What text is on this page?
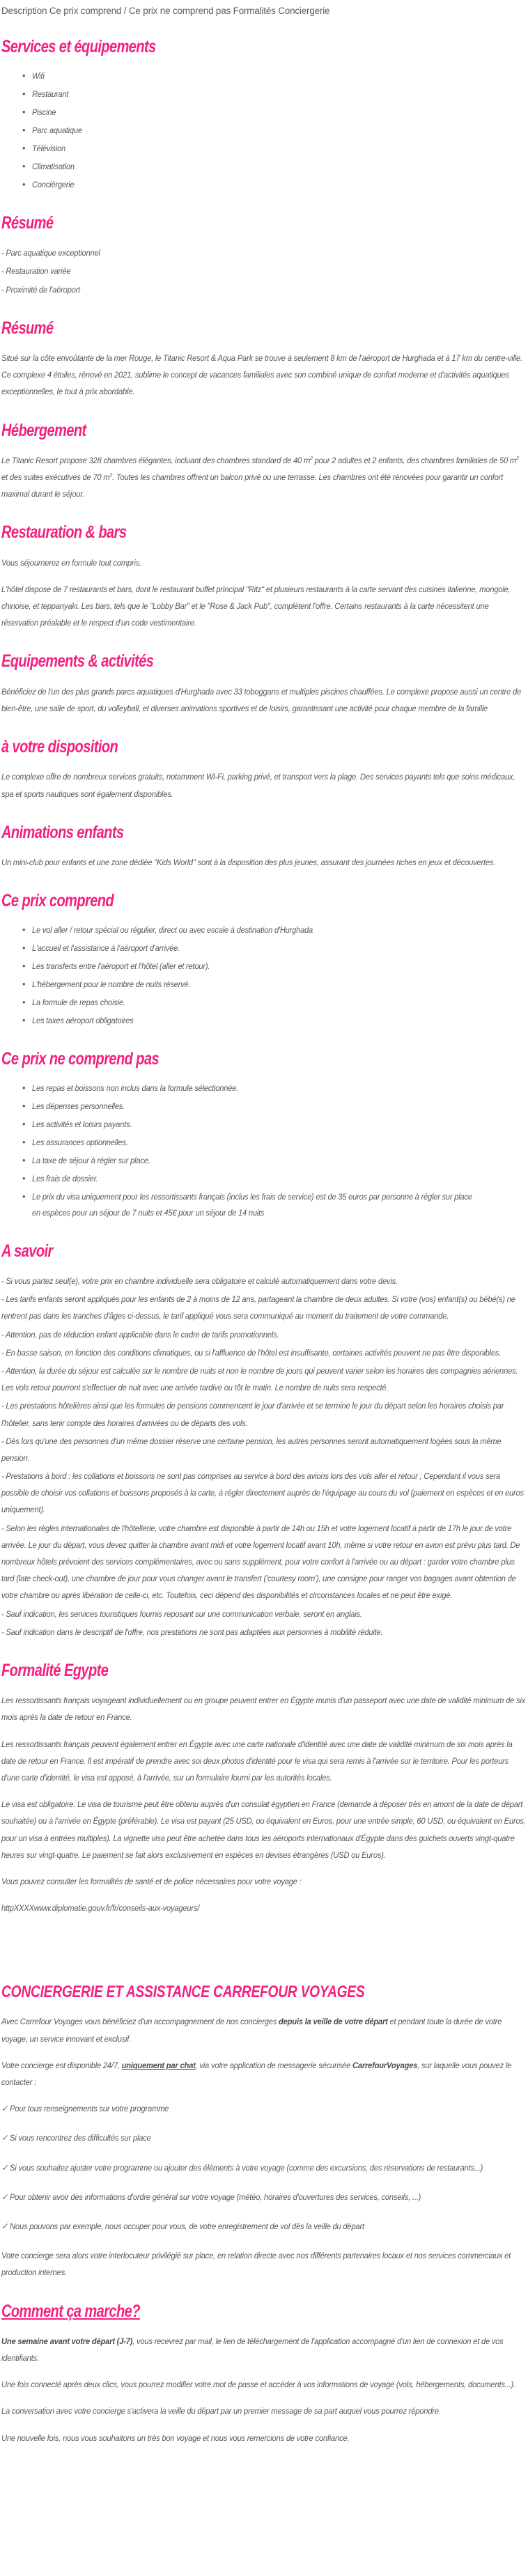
Description Ce prix comprend / Ce prix ne comprend pas Formalités Conciergerie
Services et équipements
• Wifi
• Restaurant
• Piscine
• Parc aquatique
• Télévision
• Climatisation
• Conciérgerie
Résumé
- Parc aquatique exceptionnel
- Restauration variée
- Proximité de l'aéroport
Résumé

Situé sur la côte envoûtante de la mer Rouge, le Titanic Resort & Aqua Park se trouve à seulement 8 km de l'aéroport de Hurghada et à 17 km du centre-ville. Ce complexe 4 étoiles, rénové en 2021, sublime le concept de vacances familiales avec son combiné unique de confort moderne et d'activités aquatiques exceptionnelles, le tout à prix abordable.

Hébergement

Le Titanic Resort propose 328 chambres élégantes, incluant des chambres standard de 40 $m^2$ pour 2 adultes et 2 enfants, des chambres familiales de 50 $m^2$ et des suites exécutives de 70 $m^2$. Toutes les chambres offrent un balcon privé ou une terrasse. Les chambres ont été rénovées pour garantir un confort maximal durant le séjour.

Restauration & bars

Vous séjournerez en formule tout compris.

L'hôtel dispose de 7 restaurants et bars, dont le restaurant buffet principal "Ritz" et plusieurs restaurants à la carte servant des cuisines italienne, mongole, chinoise, et teppanyaki. Les bars, tels que le "Lobby Bar" et le "Rose & Jack Pub", complètent l'offre. Certains restaurants à la carte nécessitent une réservation préalable et le respect d'un code vestimentaire.

Equipements & activités

Bénéficiez de l'un des plus grands parcs aquatiques d'Hurghada avec 33 toboggans et multiples piscines chauffées. Le complexe propose aussi un centre de bien-être, une salle de sport, du volleyball, et diverses animations sportives et de loisirs, garantissant une activité pour chaque membre de la famille

à votre disposition

Le complexe offre de nombreux services gratuits, notamment Wi-Fi, parking privé, et transport vers la plage. Des services payants tels que soins médicaux, spa et sports nautiques sont également disponibles.

Animations enfants

Un mini-club pour enfants et une zone dédiée "Kids World" sont à la disposition des plus jeunes, assurant des journées riches en jeux et découvertes.

Ce prix comprend
• Le vol aller / retour spécial ou régulier, direct ou avec escale à destination d'Hurghada
• L'accueil et l'assistance à l'aéroport d'arrivée.
• Les transferts entre l'aéroport et l'hôtel (aller et retour).
• L'hébergement pour le nombre de nuits réservé.
• La formule de repas choisie.
• Les taxes aéroport obligatoires
Ce prix ne comprend pas
• Les repas et boissons non inclus dans la formule sélectionnée.
• Les dépenses personnelles.
• Les activités et loisirs payants.
• Les assurances optionnelles.
• La taxe de séjour à régler sur place.
• Les frais de dossier.
• Le prix du visa uniquement pour les ressortissants français (inclus les frais de service) est de 35 euros par personne à régler sur place en espèces pour un séjour de 7 nuits et 45€ pour un séjour de 14 nuits
A savoir
- Si vous partez seul(e), votre prix en chambre individuelle sera obligatoire et calculé automatiquement dans votre devis.
- Les tarifs enfants seront appliqués pour les enfants de 2 à moins de 12 ans, partageant la chambre de deux adultes. Si votre (vos) enfant(s) ou bébé(s) ne rentrent pas dans les tranches d'âges ci-dessus, le tarif appliqué vous sera communiqué au moment du traitement de votre commande.
- Attention, pas de réduction enfant applicable dans le cadre de tarifs promotionnels.
- En basse saison, en fonction des conditions climatiques, ou si l'affluence de l'hôtel est insuffisante, certaines activités peuvent ne pas être disponibles.
- Attention, la durée du séjour est calculée sur le nombre de nuits et non le nombre de jours qui peuvent varier selon les horaires des compagnies aériennes. Les vols retour pourront s'effectuer de nuit avec une arrivée tardive ou tôt le matin. Le nombre de nuits sera respecté.
- Les prestations hôtelières ainsi que les formules de pensions commencent le jour d'arrivée et se termine le jour du départ selon les horaires choisis par l'hôtelier, sans tenir compte des horaires d'arrivées ou de départs des vols.
- Dès lors qu'une des personnes d'un même dossier réserve une certaine pension, les autres personnes seront automatiquement logées sous la même pension.
- Prestations à bord : les collations et boissons ne sont pas comprises au service à bord des avions lors des vols aller et retour ; Cependant il vous sera possible de choisir vos collations et boissons proposés à la carte, à régler directement auprès de l'équipage au cours du vol (paiement en espèces et en euros uniquement).
- Selon les règles internationales de l'hôtellerie, votre chambre est disponible à partir de 14h ou 15h et votre logement locatif à partir de 17h le jour de votre arrivée. Le jour du départ, vous devez quitter la chambre avant midi et votre logement locatif avant 10h, même si votre retour en avion est prévu plus tard. De nombreux hôtels prévoient des services complémentaires, avec ou sans supplément, pour votre confort à l'arrivée ou au départ : garder votre chambre plus tard (late check-out), une chambre de jour pour vous changer avant le transfert ('courtesy room'), une consigne pour ranger vos bagages avant obtention de votre chambre ou après libération de celle-ci, etc. Toutefois, ceci dépend des disponibilités et circonstances locales et ne peut être exigé.
- Sauf indication, les services touristiques fournis reposant sur une communication verbale, seront en anglais.
- Sauf indication dans le descriptif de l'offre, nos prestations ne sont pas adaptées aux personnes à mobilité réduite.
Formalité Egypte

Les ressortissants français voyageant individuellement ou en groupe peuvent entrer en Égypte munis d'un passeport avec une date de validité minimum de six mois après la date de retour en France.

Les ressortissants français peuvent également entrer en Égypte avec une carte nationale d'identité avec une date de validité minimum de six mois après la date de retour en France. Il est impératif de prendre avec soi deux photos d'identité pour le visa qui sera remis à l'arrivée sur le territoire. Pour les porteurs d'une carte d'identité, le visa est apposé, à l'arrivée, sur un formulaire fourni par les autorités locales.

Le visa est obligatoire. Le visa de tourisme peut être obtenu auprès d'un consulat égyptien en France (demande à déposer très en amont de la date de départ souhaitée) ou à l'arrivée en Égypte (préférable). Le visa est payant (25 USD, ou équivalent en Euros, pour une entrée simple, 60 USD, ou équivalent en Euros, pour un visa à entrées multiples). La vignette visa peut être achetée dans tous les aéroports internationaux d'Égypte dans des guichets ouverts vingt-quatre heures sur vingt-quatre. Le paiement se fait alors exclusivement en espèces en devises étrangères (USD ou Euros).

Vous pouvez consulter les formalités de santé et de police nécessaires pour votre voyage :

httpXXXXwww.diplomatie.gouv.fr/fr/conseils-aux-voyageurs/

CONCIERGERIE ET ASSISTANCE CARREFOUR VOYAGES

Avec Carrefour Voyages vous bénéficiez d'un accompagnement de nos concierges depuis la veille de votre départ et pendant toute la durée de votre voyage, un service innovant et exclusif.

Votre concierge est disponible 24/7, uniquement par chat, via votre application de messagerie sécurisée CarrefourVoyages, sur laquelle vous pouvez le contacter :

✓ Pour tous renseignements sur votre programme
✓ Si vous rencontrez des difficultés sur place
✓ Si vous souhaitez ajuster votre programme ou ajouter des éléments à votre voyage (comme des excursions, des réservations de restaurants...)
✓ Pour obtenir avoir des informations d'ordre général sur votre voyage (météo, horaires d'ouvertures des services, conseils, ...)
✓ Nous pouvons par exemple, nous occuper pour vous, de votre enregistrement de vol dès la veille du départ

Votre concierge sera alors votre interlocuteur privilégié sur place, en relation directe avec nos différents partenaires locaux et nos services commerciaux et production internes.

Comment ça marche?

Une semaine avant votre départ (J-7), vous recevrez par mail, le lien de téléchargement de l'application accompagné d'un lien de connexion et de vos identifiants.

Une fois connecté après deux clics, vous pourrez modifier votre mot de passe et accéder à vos informations de voyage (vols, hébergements, documents...).

La conversation avec votre concierge s'activera la veille du départ par un premier message de sa part auquel vous pourrez répondre.

Une nouvelle fois, nous vous souhaitons un très bon voyage et nous vous remercions de votre confiance.
